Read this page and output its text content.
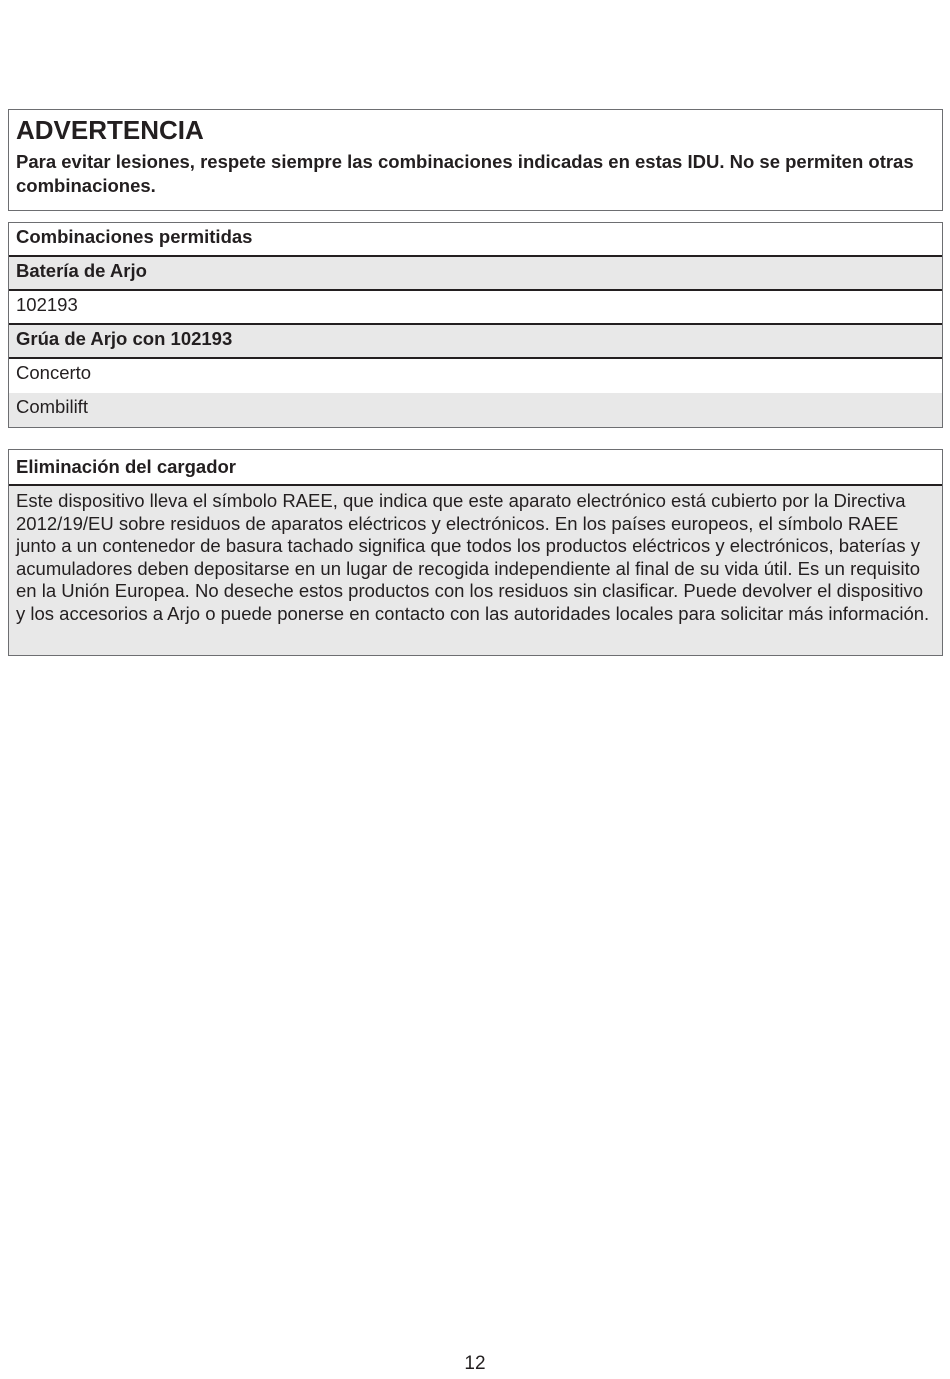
ADVERTENCIA

Para evitar lesiones, respete siempre las combinaciones indicadas en estas IDU. No se permiten otras combinaciones.

Combinaciones permitidas
Batería de Arjo
102193
Grúa de Arjo con 102193
Concerto
Combilift
Eliminación del cargador
Este dispositivo lleva el símbolo RAEE, que indica que este aparato electrónico está cubierto por la Directiva 2012/19/EU sobre residuos de aparatos eléctricos y electrónicos. En los países europeos, el símbolo RAEE junto a un contenedor de basura tachado significa que todos los productos eléctricos y electrónicos, baterías y acumuladores deben depositarse en un lugar de recogida independiente al final de su vida útil. Es un requisito en la Unión Europea. No deseche estos productos con los residuos sin clasificar. Puede devolver el dispositivo y los accesorios a Arjo o puede ponerse en contacto con las autoridades locales para solicitar más información.
12
